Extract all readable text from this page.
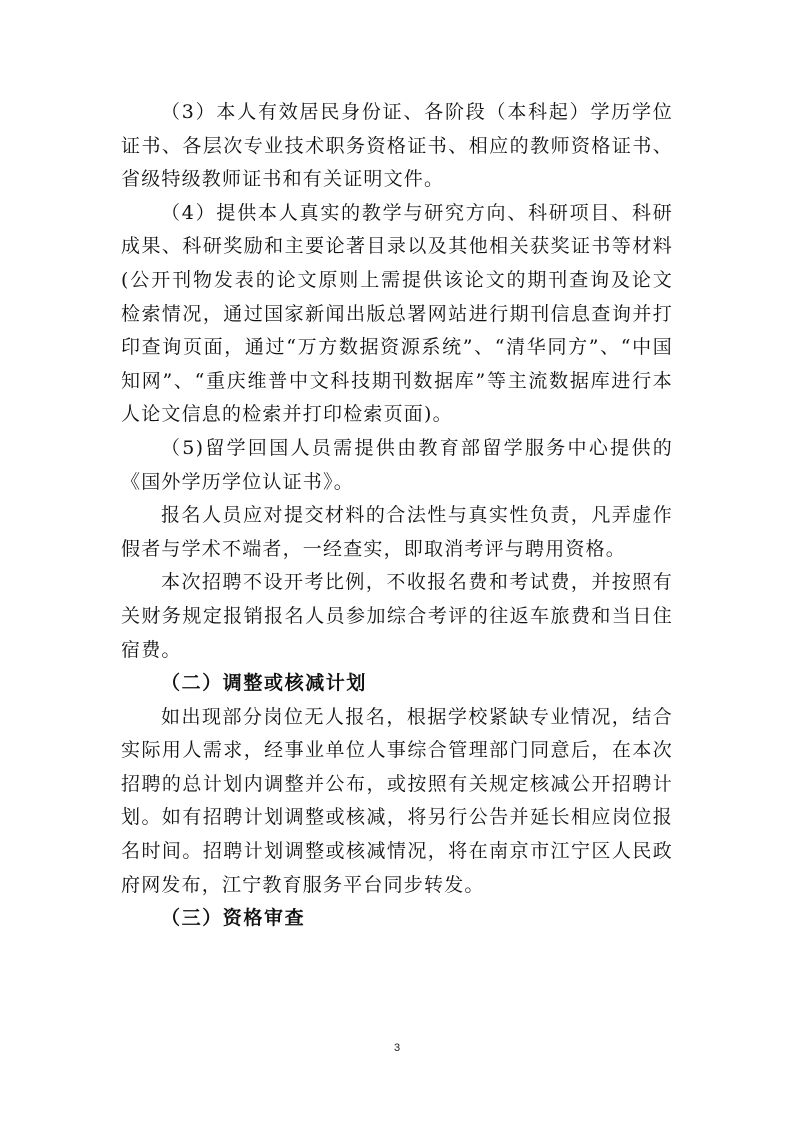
（3）本人有效居民身份证、各阶段（本科起）学历学位证书、各层次专业技术职务资格证书、相应的教师资格证书、省级特级教师证书和有关证明文件。

（4）提供本人真实的教学与研究方向、科研项目、科研成果、科研奖励和主要论著目录以及其他相关获奖证书等材料(公开刊物发表的论文原则上需提供该论文的期刊查询及论文检索情况，通过国家新闻出版总署网站进行期刊信息查询并打印查询页面，通过“万方数据资源系统”、“清华同方”、“中国知网”、“重庆维普中文科技期刊数据库”等主流数据库进行本人论文信息的检索并打印检索页面)。

（5)留学回国人员需提供由教育部留学服务中心提供的《国外学历学位认证书》。

报名人员应对提交材料的合法性与真实性负责，凡弄虚作假者与学术不端者，一经查实，即取消考评与聘用资格。

本次招聘不设开考比例，不收报名费和考试费，并按照有关财务规定报销报名人员参加综合考评的往返车旅费和当日住宿费。

（二）调整或核减计划

如出现部分岗位无人报名，根据学校紧缺专业情况，结合实际用人需求，经事业单位人事综合管理部门同意后，在本次招聘的总计划内调整并公布，或按照有关规定核减公开招聘计划。如有招聘计划调整或核减，将另行公告并延长相应岗位报名时间。招聘计划调整或核减情况，将在南京市江宁区人民政府网发布，江宁教育服务平台同步转发。

（三）资格审查

3
